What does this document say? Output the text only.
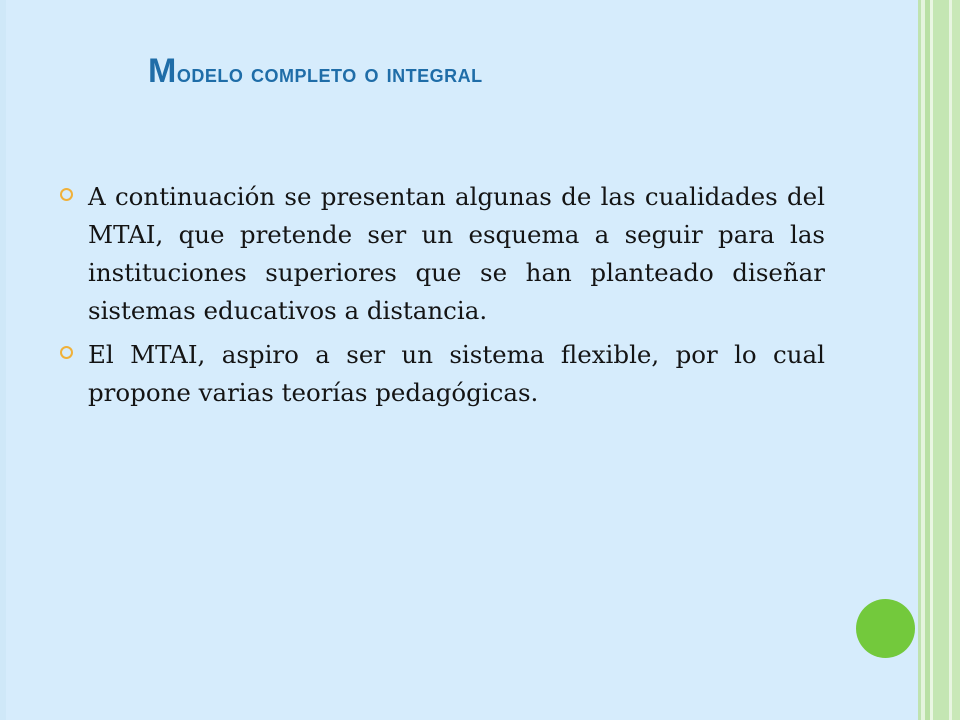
Modelo completo o integral
A continuación se presentan algunas de las cualidades del MTAI, que pretende ser un esquema a seguir para las instituciones superiores que se han planteado diseñar sistemas educativos a distancia.
El MTAI, aspiro a ser un sistema flexible, por lo cual propone varias teorías pedagógicas.
